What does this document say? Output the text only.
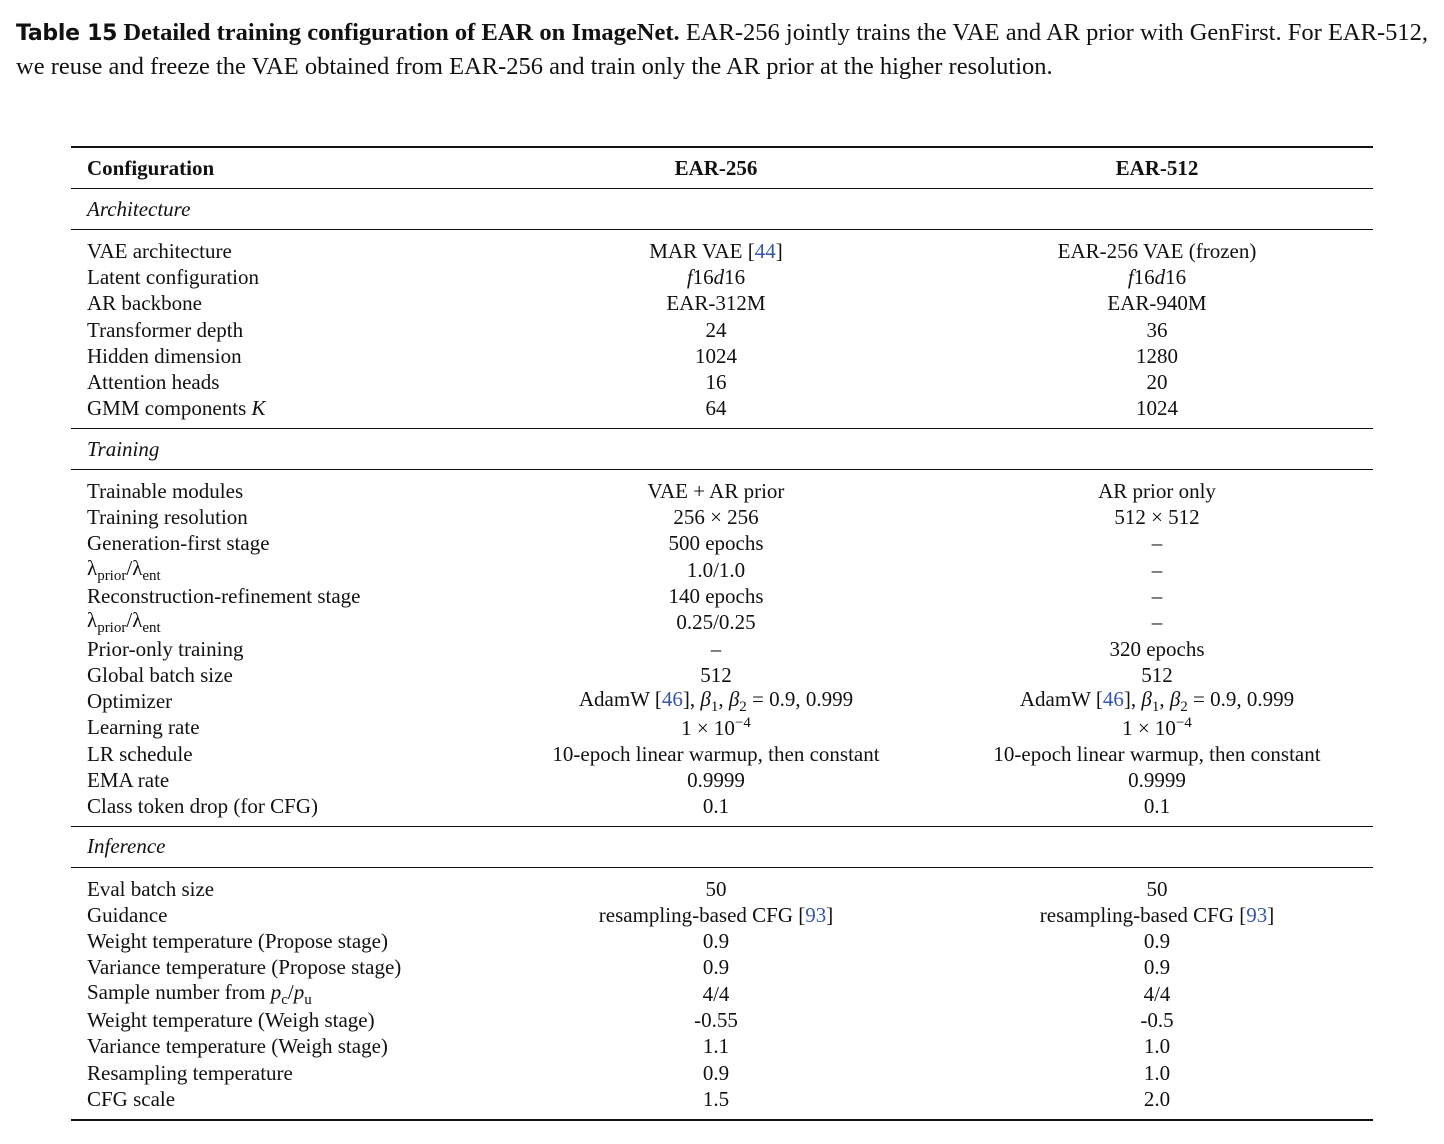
Table 15 Detailed training configuration of EAR on ImageNet. EAR-256 jointly trains the VAE and AR prior with GenFirst. For EAR-512, we reuse and freeze the VAE obtained from EAR-256 and train only the AR prior at the higher resolution.
Configuration	EAR-256	EAR-512
Architecture
VAE architecture	MAR VAE [44]	EAR-256 VAE (frozen)
Latent configuration	f16d16	f16d16
AR backbone	EAR-312M	EAR-940M
Transformer depth	24	36
Hidden dimension	1024	1280
Attention heads	16	20
GMM components K	64	1024
Training
Trainable modules	VAE + AR prior	AR prior only
Training resolution	256 × 256	512 × 512
Generation-first stage	500 epochs	–
$\lambda_{prior}/\lambda_{ent}$	1.0/1.0	–
Reconstruction-refinement stage	140 epochs	–
$\lambda_{prior}/\lambda_{ent}$	0.25/0.25	–
Prior-only training	–	320 epochs
Global batch size	512	512
Optimizer	AdamW [46], $\beta_1$, $\beta_2 = 0.9$, 0.999	AdamW [46], $\beta_1$, $\beta_2 = 0.9$, 0.999
Learning rate	$1 \times 10^{-4}$	$1 \times 10^{-4}$
LR schedule	10-epoch linear warmup, then constant	10-epoch linear warmup, then constant
EMA rate	0.9999	0.9999
Class token drop (for CFG)	0.1	0.1
Inference
Eval batch size	50	50
Guidance	resampling-based CFG [93]	resampling-based CFG [93]
Weight temperature (Propose stage)	0.9	0.9
Variance temperature (Propose stage)	0.9	0.9
Sample number from $p_c/p_u$	4/4	4/4
Weight temperature (Weigh stage)	-0.55	-0.5
Variance temperature (Weigh stage)	1.1	1.0
Resampling temperature	0.9	1.0
CFG scale	1.5	2.0
